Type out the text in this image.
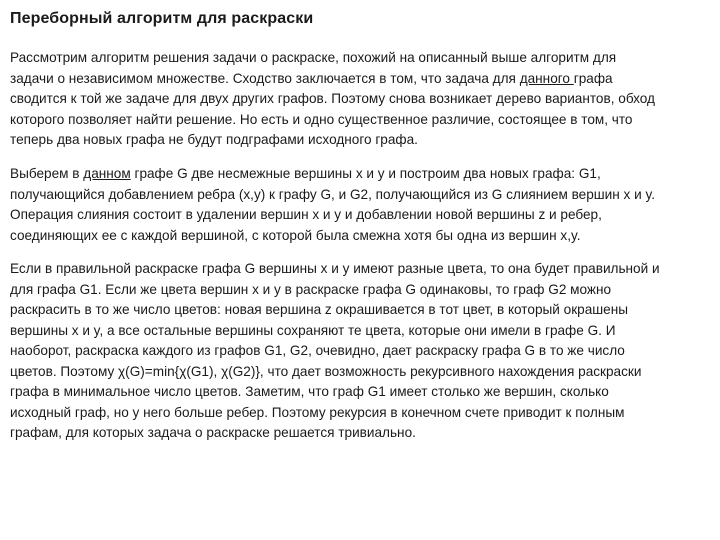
Переборный алгоритм для раскраски
Рассмотрим алгоритм решения задачи о раскраске, похожий на описанный выше алгоритм для
задачи о независимом множестве. Сходство заключается в том, что задача для данного графа
сводится к той же задаче для двух других графов. Поэтому снова возникает дерево вариантов, обход
которого позволяет найти решение. Но есть и одно существенное различие, состоящее в том, что
теперь два новых графа не будут подграфами исходного графа.
Выберем в данном графе G две несмежные вершины x и y и построим два новых графа: G1,
получающийся добавлением ребра (x,y) к графу G, и G2, получающийся из G слиянием вершин x и y.
Операция слияния состоит в удалении вершин x и y и добавлении новой вершины z и ребер,
соединяющих ее с каждой вершиной, с которой была смежна хотя бы одна из вершин x,y.
Если в правильной раскраске графа G вершины x и y имеют разные цвета, то она будет правильной и
для графа G1. Если же цвета вершин x и y в раскраске графа G одинаковы, то граф G2 можно
раскрасить в то же число цветов: новая вершина z окрашивается в тот цвет, в который окрашены
вершины x и y, а все остальные вершины сохраняют те цвета, которые они имели в графе G. И
наоборот, раскраска каждого из графов G1, G2, очевидно, дает раскраску графа G в то же число
цветов. Поэтому χ(G)=min{χ(G1), χ(G2)}, что дает возможность рекурсивного нахождения раскраски
графа в минимальное число цветов. Заметим, что граф G1 имеет столько же вершин, сколько
исходный граф, но у него больше ребер. Поэтому рекурсия в конечном счете приводит к полным
графам, для которых задача о раскраске решается тривиально.
